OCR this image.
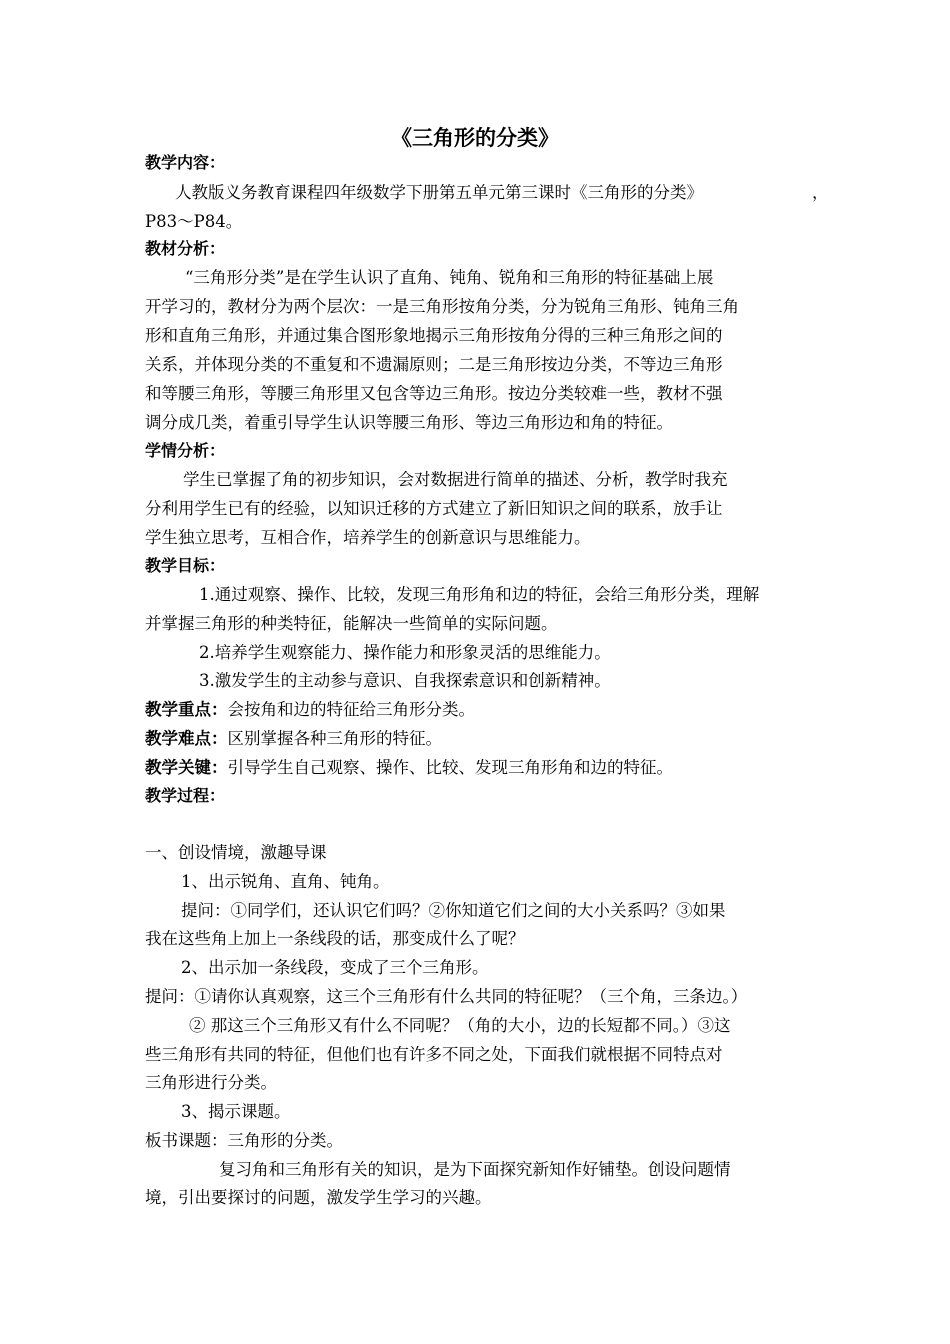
《三角形的分类》
教学内容：
人教版义务教育课程四年级数学下册第五单元第三课时《三角形的分类》	，
P83～P84。
教材分析：
“三角形分类”是在学生认识了直角、钝角、锐角和三角形的特征基础上展
开学习的，教材分为两个层次：一是三角形按角分类，分为锐角三角形、钝角三角
形和直角三角形，并通过集合图形象地揭示三角形按角分得的三种三角形之间的
关系，并体现分类的不重复和不遗漏原则；二是三角形按边分类，不等边三角形
和等腰三角形，等腰三角形里又包含等边三角形。按边分类较难一些，教材不强
调分成几类，着重引导学生认识等腰三角形、等边三角形边和角的特征。
学情分析：
学生已掌握了角的初步知识，会对数据进行简单的描述、分析，教学时我充
分利用学生已有的经验，以知识迁移的方式建立了新旧知识之间的联系，放手让
学生独立思考，互相合作，培养学生的创新意识与思维能力。
教学目标：
1.通过观察、操作、比较，发现三角形角和边的特征，会给三角形分类，理解
并掌握三角形的种类特征，能解决一些简单的实际问题。
2.培养学生观察能力、操作能力和形象灵活的思维能力。
3.激发学生的主动参与意识、自我探索意识和创新精神。
教学重点：会按角和边的特征给三角形分类。
教学难点：区别掌握各种三角形的特征。
教学关键：引导学生自己观察、操作、比较、发现三角形角和边的特征。
教学过程：
一、创设情境，激趣导课
1、出示锐角、直角、钝角。
提问：①同学们，还认识它们吗？②你知道它们之间的大小关系吗？③如果
我在这些角上加上一条线段的话，那变成什么了呢？
2、出示加一条线段，变成了三个三角形。
提问：①请你认真观察，这三个三角形有什么共同的特征呢？（三个角，三条边。）
② 那这三个三角形又有什么不同呢？（角的大小，边的长短都不同。）③这
些三角形有共同的特征，但他们也有许多不同之处，下面我们就根据不同特点对
三角形进行分类。
3、揭示课题。
板书课题：三角形的分类。
复习角和三角形有关的知识，是为下面探究新知作好铺垫。创设问题情
境，引出要探讨的问题，激发学生学习的兴趣。
